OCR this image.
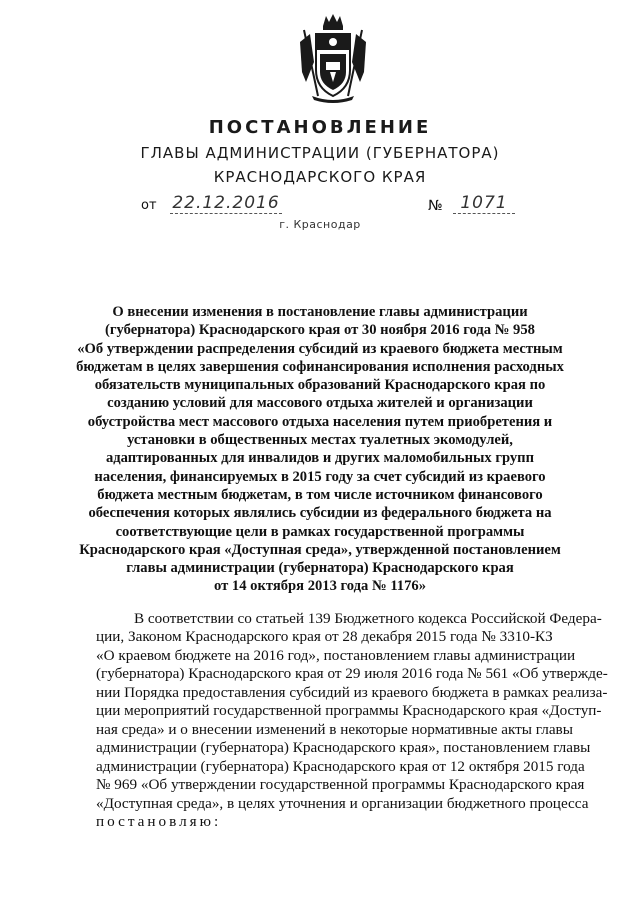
ПОСТАНОВЛЕНИЕ
ГЛАВЫ АДМИНИСТРАЦИИ (ГУБЕРНАТОРА)
КРАСНОДАРСКОГО КРАЯ
от 22.12.2016	№	1071
г. Краснодар
О внесении изменения в постановление главы администрации
(губернатора) Краснодарского края от 30 ноября 2016 года № 958
«Об утверждении распределения субсидий из краевого бюджета местным
бюджетам в целях завершения софинансирования исполнения расходных
обязательств муниципальных образований Краснодарского края по
созданию условий для массового отдыха жителей и организации
обустройства мест массового отдыха населения путем приобретения и
установки в общественных местах туалетных экомодулей,
адаптированных для инвалидов и других маломобильных групп
населения, финансируемых в 2015 году за счет субсидий из краевого
бюджета местным бюджетам, в том числе источником финансового
обеспечения которых являлись субсидии из федерального бюджета на
соответствующие цели в рамках государственной программы
Краснодарского края «Доступная среда», утвержденной постановлением
главы администрации (губернатора) Краснодарского края
от 14 октября 2013 года № 1176»
В соответствии со статьей 139 Бюджетного кодекса Российской Федера-
ции, Законом Краснодарского края от 28 декабря 2015 года № 3310-КЗ
«О краевом бюджете на 2016 год», постановлением главы администрации
(губернатора) Краснодарского края от 29 июля 2016 года № 561 «Об утвержде-
нии Порядка предоставления субсидий из краевого бюджета в рамках реализа-
ции мероприятий государственной программы Краснодарского края «Доступ-
ная среда» и о внесении изменений в некоторые нормативные акты главы
администрации (губернатора) Краснодарского края», постановлением главы
администрации (губернатора) Краснодарского края от 12 октября 2015 года
№ 969 «Об утверждении государственной программы Краснодарского края
«Доступная среда», в целях уточнения и организации бюджетного процесса
постановляю:
